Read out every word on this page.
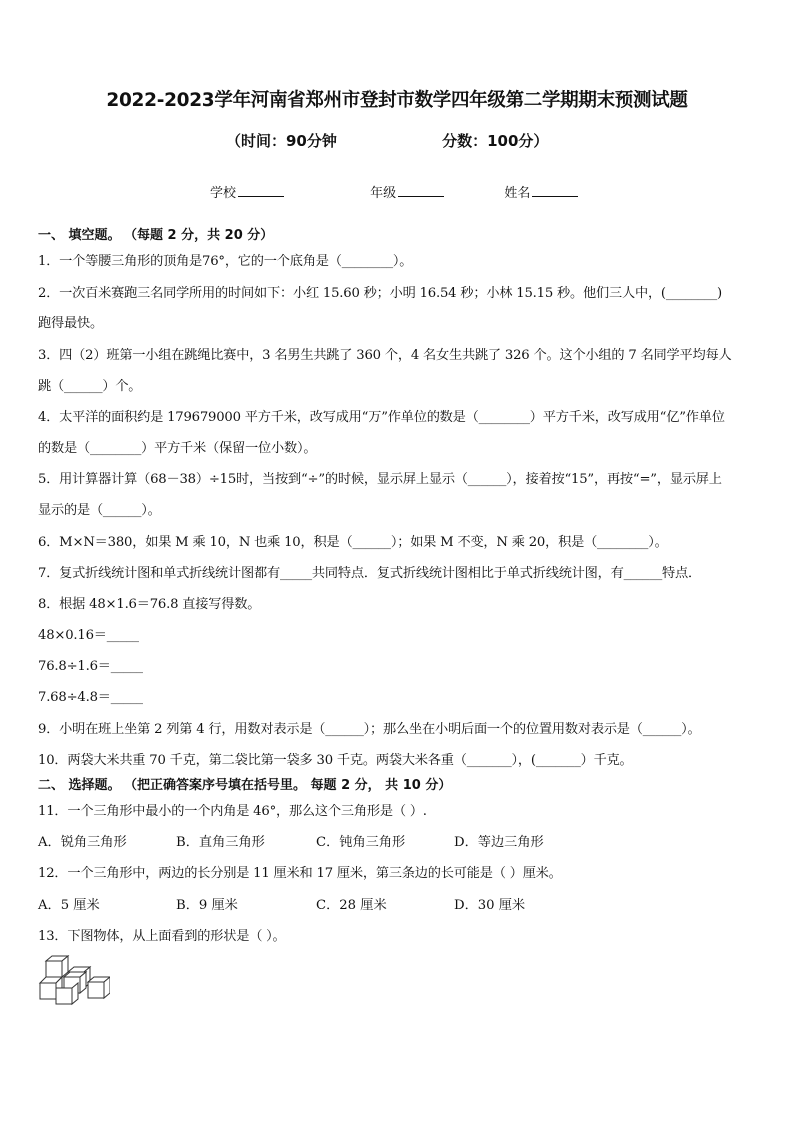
2022-2023学年河南省郑州市登封市数学四年级第二学期期末预测试题
（时间：90分钟	分数：100分）
学校	年级	姓名
一、 填空题。 （每题 2 分，共 20 分）
1．一个等腰三角形的顶角是76°，它的一个底角是（________）。
2．一次百米赛跑三名同学所用的时间如下：小红 15.60 秒；小明 16.54 秒；小林 15.15 秒。他们三人中，(________)
跑得最快。
3．四（2）班第一小组在跳绳比赛中，3 名男生共跳了 360 个，4 名女生共跳了 326 个。这个小组的 7 名同学平均每人
跳（______）个。
4．太平洋的面积约是 179679000 平方千米，改写成用“万”作单位的数是（________）平方千米，改写成用“亿”作单位
的数是（________）平方千米（保留一位小数）。
5．用计算器计算（68－38）÷15时，当按到“÷”的时候，显示屏上显示（______），接着按“15”，再按“=”，显示屏上
显示的是（______）。
6．M×N＝380，如果 M 乘 10，N 也乘 10，积是（______）；如果 M 不变，N 乘 20，积是（________）。
7．复式折线统计图和单式折线统计图都有_____共同特点．复式折线统计图相比于单式折线统计图，有______特点．
8．根据 48×1.6＝76.8 直接写得数。
48×0.16＝_____
76.8÷1.6＝_____
7.68÷4.8＝_____
9．小明在班上坐第 2 列第 4 行，用数对表示是（______）；那么坐在小明后面一个的位置用数对表示是（______）。
10．两袋大米共重 70 千克，第二袋比第一袋多 30 千克。两袋大米各重（_______），(_______）千克。
二、 选择题。 （把正确答案序号填在括号里。 每题 2 分， 共 10 分）
11．一个三角形中最小的一个内角是 46°，那么这个三角形是（ ）.
A．锐角三角形	B．直角三角形	C．钝角三角形	D．等边三角形
12．一个三角形中，两边的长分别是 11 厘米和 17 厘米，第三条边的长可能是（ ）厘米。
A．5 厘米	B．9 厘米	C．28 厘米	D．30 厘米
13．下图物体，从上面看到的形状是（ ）。
